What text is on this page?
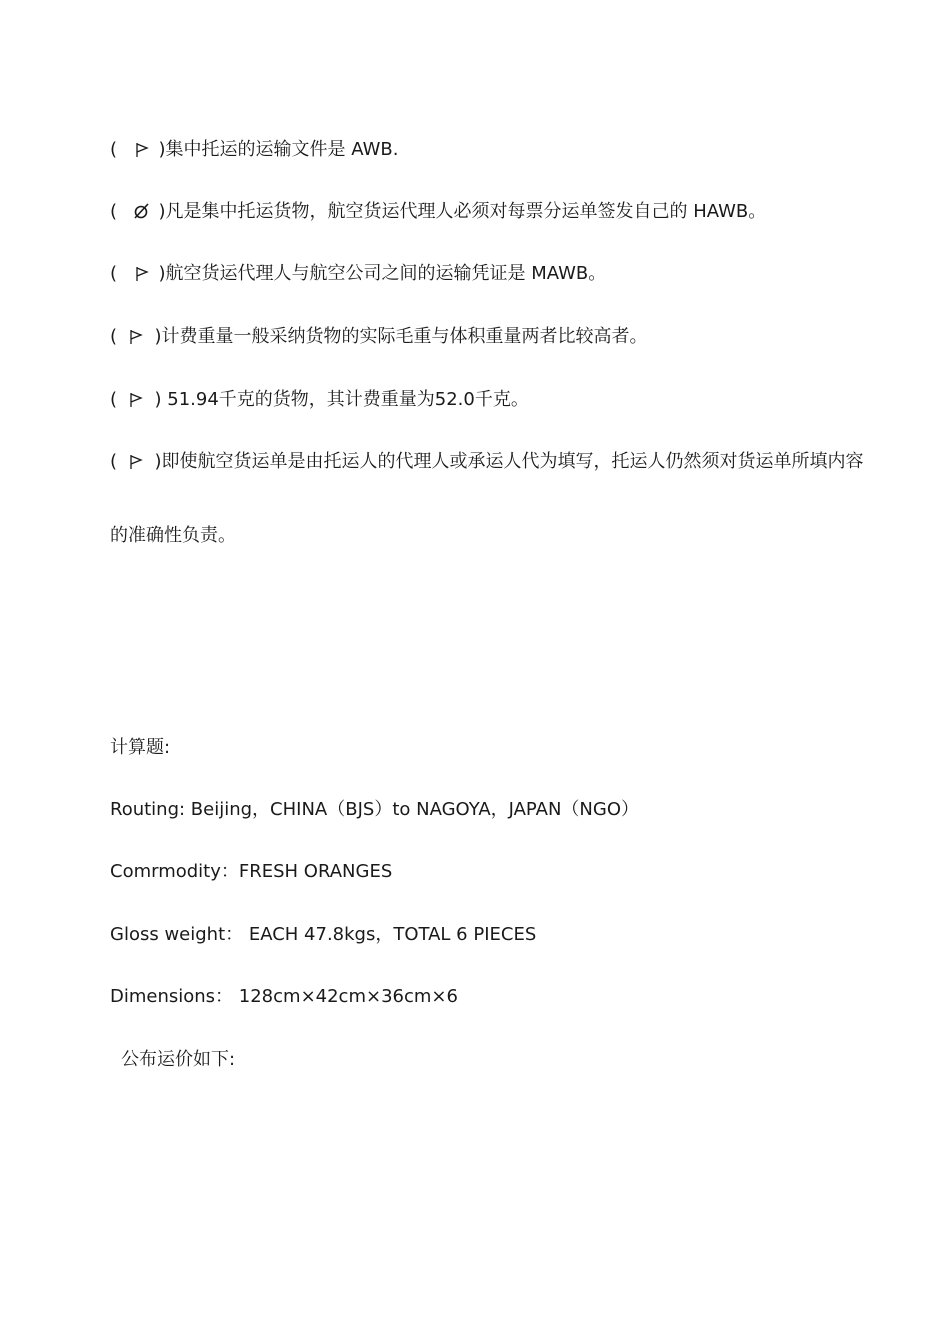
( )集中托运的运输文件是 AWB.
( )凡是集中托运货物，航空货运代理人必须对每票分运单签发自己的 HAWB。
( )航空货运代理人与航空公司之间的运输凭证是 MAWB。
( )计费重量一般采纳货物的实际毛重与体积重量两者比较高者。
( ) 51.94千克的货物，其计费重量为52.0千克。
( )即使航空货运单是由托运人的代理人或承运人代为填写，托运人仍然须对货运单所填内容
的准确性负责。
计算题:
Routing: Beijing，CHINA（BJS）to NAGOYA，JAPAN（NGO）
Comrmodity：FRESH ORANGES
Gloss weight： EACH 47.8kgs，TOTAL 6 PIECES
Dimensions： 128cm×42cm×36cm×6
公布运价如下:
